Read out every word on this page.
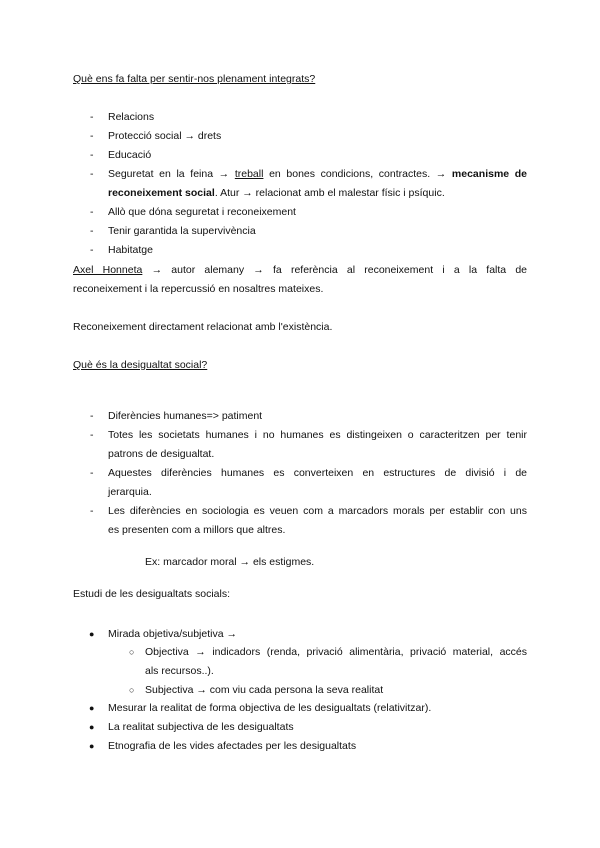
Què ens fa falta per sentir-nos plenament integrats?
- Relacions
- Protecció social → drets
- Educació
- Seguretat en la feina → treball en bones condicions, contractes. → mecanisme de
reconeixement social. Atur → relacionat amb el malestar físic i psíquic.
- Allò que dóna seguretat i reconeixement
- Tenir garantida la supervivència
- Habitatge
Axel Honneta → autor alemany → fa referència al reconeixement i a la falta de
reconeixement i la repercussió en nosaltres mateixes.
Reconeixement directament relacionat amb l'existència.
Què és la desigualtat social?
- Diferències humanes=> patiment
- Totes les societats humanes i no humanes es distingeixen o caracteritzen per tenir
patrons de desigualtat.
- Aquestes diferències humanes es converteixen en estructures de divisió i de
jerarquia.
- Les diferències en sociologia es veuen com a marcadors morals per establir con uns
es presenten com a millors que altres.
Ex: marcador moral → els estigmes.
Estudi de les desigualtats socials:
● Mirada objetiva/subjetiva →
○ Objectiva → indicadors (renda, privació alimentària, privació material, accés
als recursos..).
○ Subjectiva → com viu cada persona la seva realitat
● Mesurar la realitat de forma objectiva de les desigualtats (relativitzar).
● La realitat subjectiva de les desigualtats
● Etnografia de les vides afectades per les desigualtats
